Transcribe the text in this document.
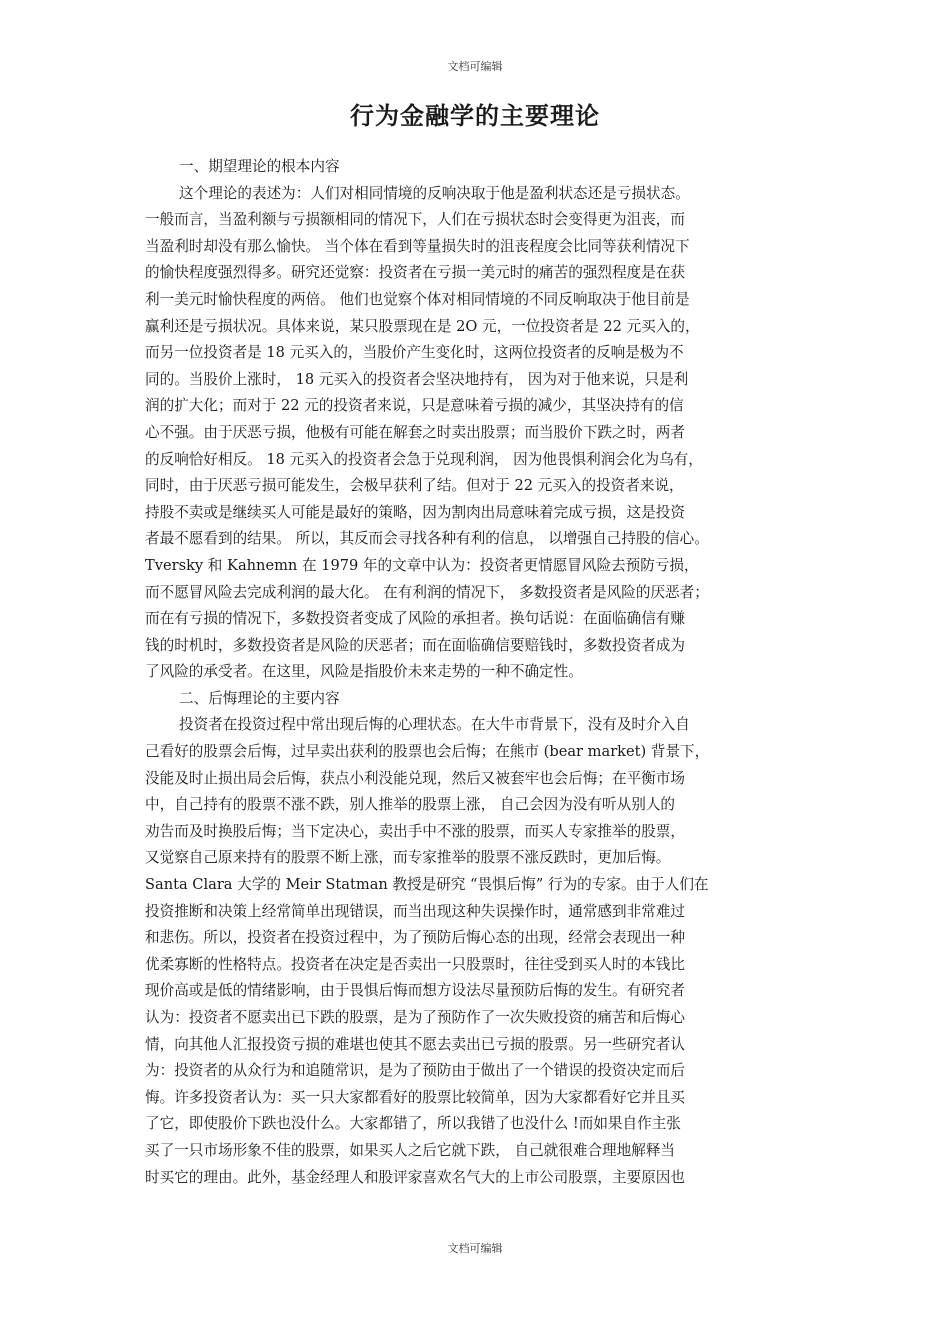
文档可编辑
行为金融学的主要理论
一、期望理论的根本内容
这个理论的表述为：人们对相同情境的反响决取于他是盈利状态还是亏损状态。
一般而言，当盈利额与亏损额相同的情况下，人们在亏损状态时会变得更为沮丧，而
当盈利时却没有那么愉快。 当个体在看到等量损失时的沮丧程度会比同等获利情况下
的愉快程度强烈得多。研究还觉察：投资者在亏损一美元时的痛苦的强烈程度是在获
利一美元时愉快程度的两倍。 他们也觉察个体对相同情境的不同反响取决于他目前是
赢利还是亏损状况。具体来说，某只股票现在是 2O 元，一位投资者是 22 元买入的，
而另一位投资者是 18 元买入的，当股价产生变化时，这两位投资者的反响是极为不
同的。当股价上涨时， 18 元买入的投资者会坚决地持有， 因为对于他来说，只是利
润的扩大化；而对于 22 元的投资者来说，只是意味着亏损的减少，其坚决持有的信
心不强。由于厌恶亏损，他极有可能在解套之时卖出股票；而当股价下跌之时，两者
的反响恰好相反。 18 元买入的投资者会急于兑现利润， 因为他畏惧利润会化为乌有，
同时，由于厌恶亏损可能发生，会极早获利了结。但对于 22 元买入的投资者来说，
持股不卖或是继续买人可能是最好的策略，因为割肉出局意味着完成亏损，这是投资
者最不愿看到的结果。 所以，其反而会寻找各种有利的信息， 以增强自己持股的信心。
Tversky 和 Kahnemn 在 1979 年的文章中认为：投资者更情愿冒风险去预防亏损，
而不愿冒风险去完成利润的最大化。 在有利润的情况下， 多数投资者是风险的厌恶者；
而在有亏损的情况下，多数投资者变成了风险的承担者。换句话说：在面临确信有赚
钱的时机时，多数投资者是风险的厌恶者；而在面临确信要赔钱时，多数投资者成为
了风险的承受者。在这里，风险是指股价未来走势的一种不确定性。
二、后悔理论的主要内容
投资者在投资过程中常出现后悔的心理状态。在大牛市背景下，没有及时介入自
己看好的股票会后悔，过早卖出获利的股票也会后悔；在熊市 (bear market) 背景下，
没能及时止损出局会后悔，获点小利没能兑现，然后又被套牢也会后悔；在平衡市场
中，自己持有的股票不涨不跌，别人推举的股票上涨， 自己会因为没有听从别人的
劝告而及时换股后悔；当下定决心，卖出手中不涨的股票，而买人专家推举的股票，
又觉察自己原来持有的股票不断上涨，而专家推举的股票不涨反跌时，更加后悔。
Santa Clara 大学的 Meir Statman 教授是研究 “畏惧后悔” 行为的专家。由于人们在
投资推断和决策上经常简单出现错误，而当出现这种失误操作时，通常感到非常难过
和悲伤。所以，投资者在投资过程中，为了预防后悔心态的出现，经常会表现出一种
优柔寡断的性格特点。投资者在决定是否卖出一只股票时，往往受到买人时的本钱比
现价高或是低的情绪影响，由于畏惧后悔而想方设法尽量预防后悔的发生。有研究者
认为：投资者不愿卖出已下跌的股票，是为了预防作了一次失败投资的痛苦和后悔心
情，向其他人汇报投资亏损的难堪也使其不愿去卖出已亏损的股票。另一些研究者认
为：投资者的从众行为和追随常识，是为了预防由于做出了一个错误的投资决定而后
悔。许多投资者认为：买一只大家都看好的股票比较简单，因为大家都看好它并且买
了它，即使股价下跌也没什么。大家都错了，所以我错了也没什么 !而如果自作主张
买了一只市场形象不佳的股票，如果买人之后它就下跌， 自己就很难合理地解释当
时买它的理由。此外，基金经理人和股评家喜欢名气大的上市公司股票，主要原因也
文档可编辑
